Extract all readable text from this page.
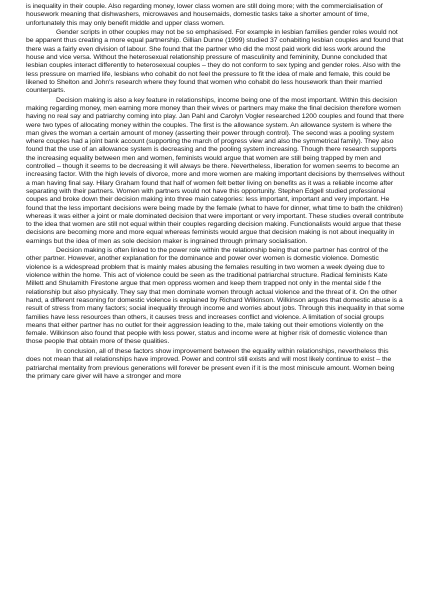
is inequality in their couple. Also regarding money, lower class women are still doing more; with the commercialisation of housework meaning that dishwashers, microwaves and housemaids, domestic tasks take a shorter amount of time, unfortunately this may only benefit middle and upper class women.

Gender scripts in other couples may not be so emphasised. For example in lesbian families gender roles would not be apparent thus creating a more equal partnership. Gillian Dunne (1999) studied 37 cohabiting lesbian couples and found that there was a fairly even division of labour. She found that the partner who did the most paid work did less work around the house and vice versa. Without the heterosexual relationship pressure of masculinity and femininity, Dunne concluded that lesbian couples interact differently to heterosexual couples – they do not conform to sex typing and gender roles. Also with the less pressure on married life, lesbians who cohabit do not feel the pressure to fit the idea of male and female, this could be likened to Shelton and John's research where they found that women who cohabit do less housework than their married counterparts.

Decision making is also a key feature in relationships, income being one of the most important. Within this decision making regarding money, men earning more money than their wives or partners may make the final decision therefore women having no real say and patriarchy coming into play. Jan Pahl and Carolyn Vogler researched 1200 couples and found that there were two types of allocating money within the couples. The first is the allowance system. An allowance system is where the man gives the woman a certain amount of money (asserting their power through control). The second was a pooling system where couples had a joint bank account (supporting the march of progress view and also the symmetrical family). They also found that the use of an allowance system is decreasing and the pooling system increasing. Though there research supports the increasing equality between men and women, feminists would argue that women are still being trapped by men and controlled – though it seems to be decreasing it will always be there. Nevertheless, liberation for women seems to become an increasing factor. With the high levels of divorce, more and more women are making important decisions by themselves without a man having final say. Hilary Graham found that half of women felt better living on benefits as it was a reliable income after separating with their partners. Women with partners would not have this opportunity. Stephen Edgell studied professional coupes and broke down their decision making into three main categories: less important, important and very important. He found that the less important decisions were being made by the female (what to have for dinner, what time to bath the children) whereas it was either a joint or male dominated decision that were important or very important. These studies overall contribute to the idea that women are still not equal within their couples regarding decision making. Functionalists would argue that these decisions are becoming more and more equal whereas feminists would argue that decision making is not about inequality in earnings but the idea of men as sole decision maker is ingrained through primary socialisation.

Decision making is often linked to the power role within the relationship being that one partner has control of the other partner. However, another explanation for the dominance and power over women is domestic violence. Domestic violence is a widespread problem that is mainly males abusing the females resulting in two women a week dyeing due to violence within the home. This act of violence could be seen as the traditional patriarchal structure. Radical feminists Kate Millett and Shulamith Firestone argue that men oppress women and keep them trapped not only in the mental side f the relationship but also physically. They say that men dominate women through actual violence and the threat of it. On the other hand, a different reasoning for domestic violence is explained by Richard Wilkinson. Wilkinson argues that domestic abuse is a result of stress from many factors; social inequality through income and worries about jobs. Through this inequality in that some families have less resources than others, it causes tress and increases conflict and violence. A limitation of social groups means that either partner has no outlet for their aggression leading to the, male taking out their emotions violently on the female. Wilkinson also found that people with less power, status and income were at higher risk of domestic violence than those people that obtain more of these qualities.

In conclusion, all of these factors show improvement between the equality within relationships, nevertheless this does not mean that all relationships have improved. Power and control still exists and will most likely continue to exist – the patriarchal mentality from previous generations will forever be present even if it is the most miniscule amount. Women being the primary care giver will have a stronger and more
